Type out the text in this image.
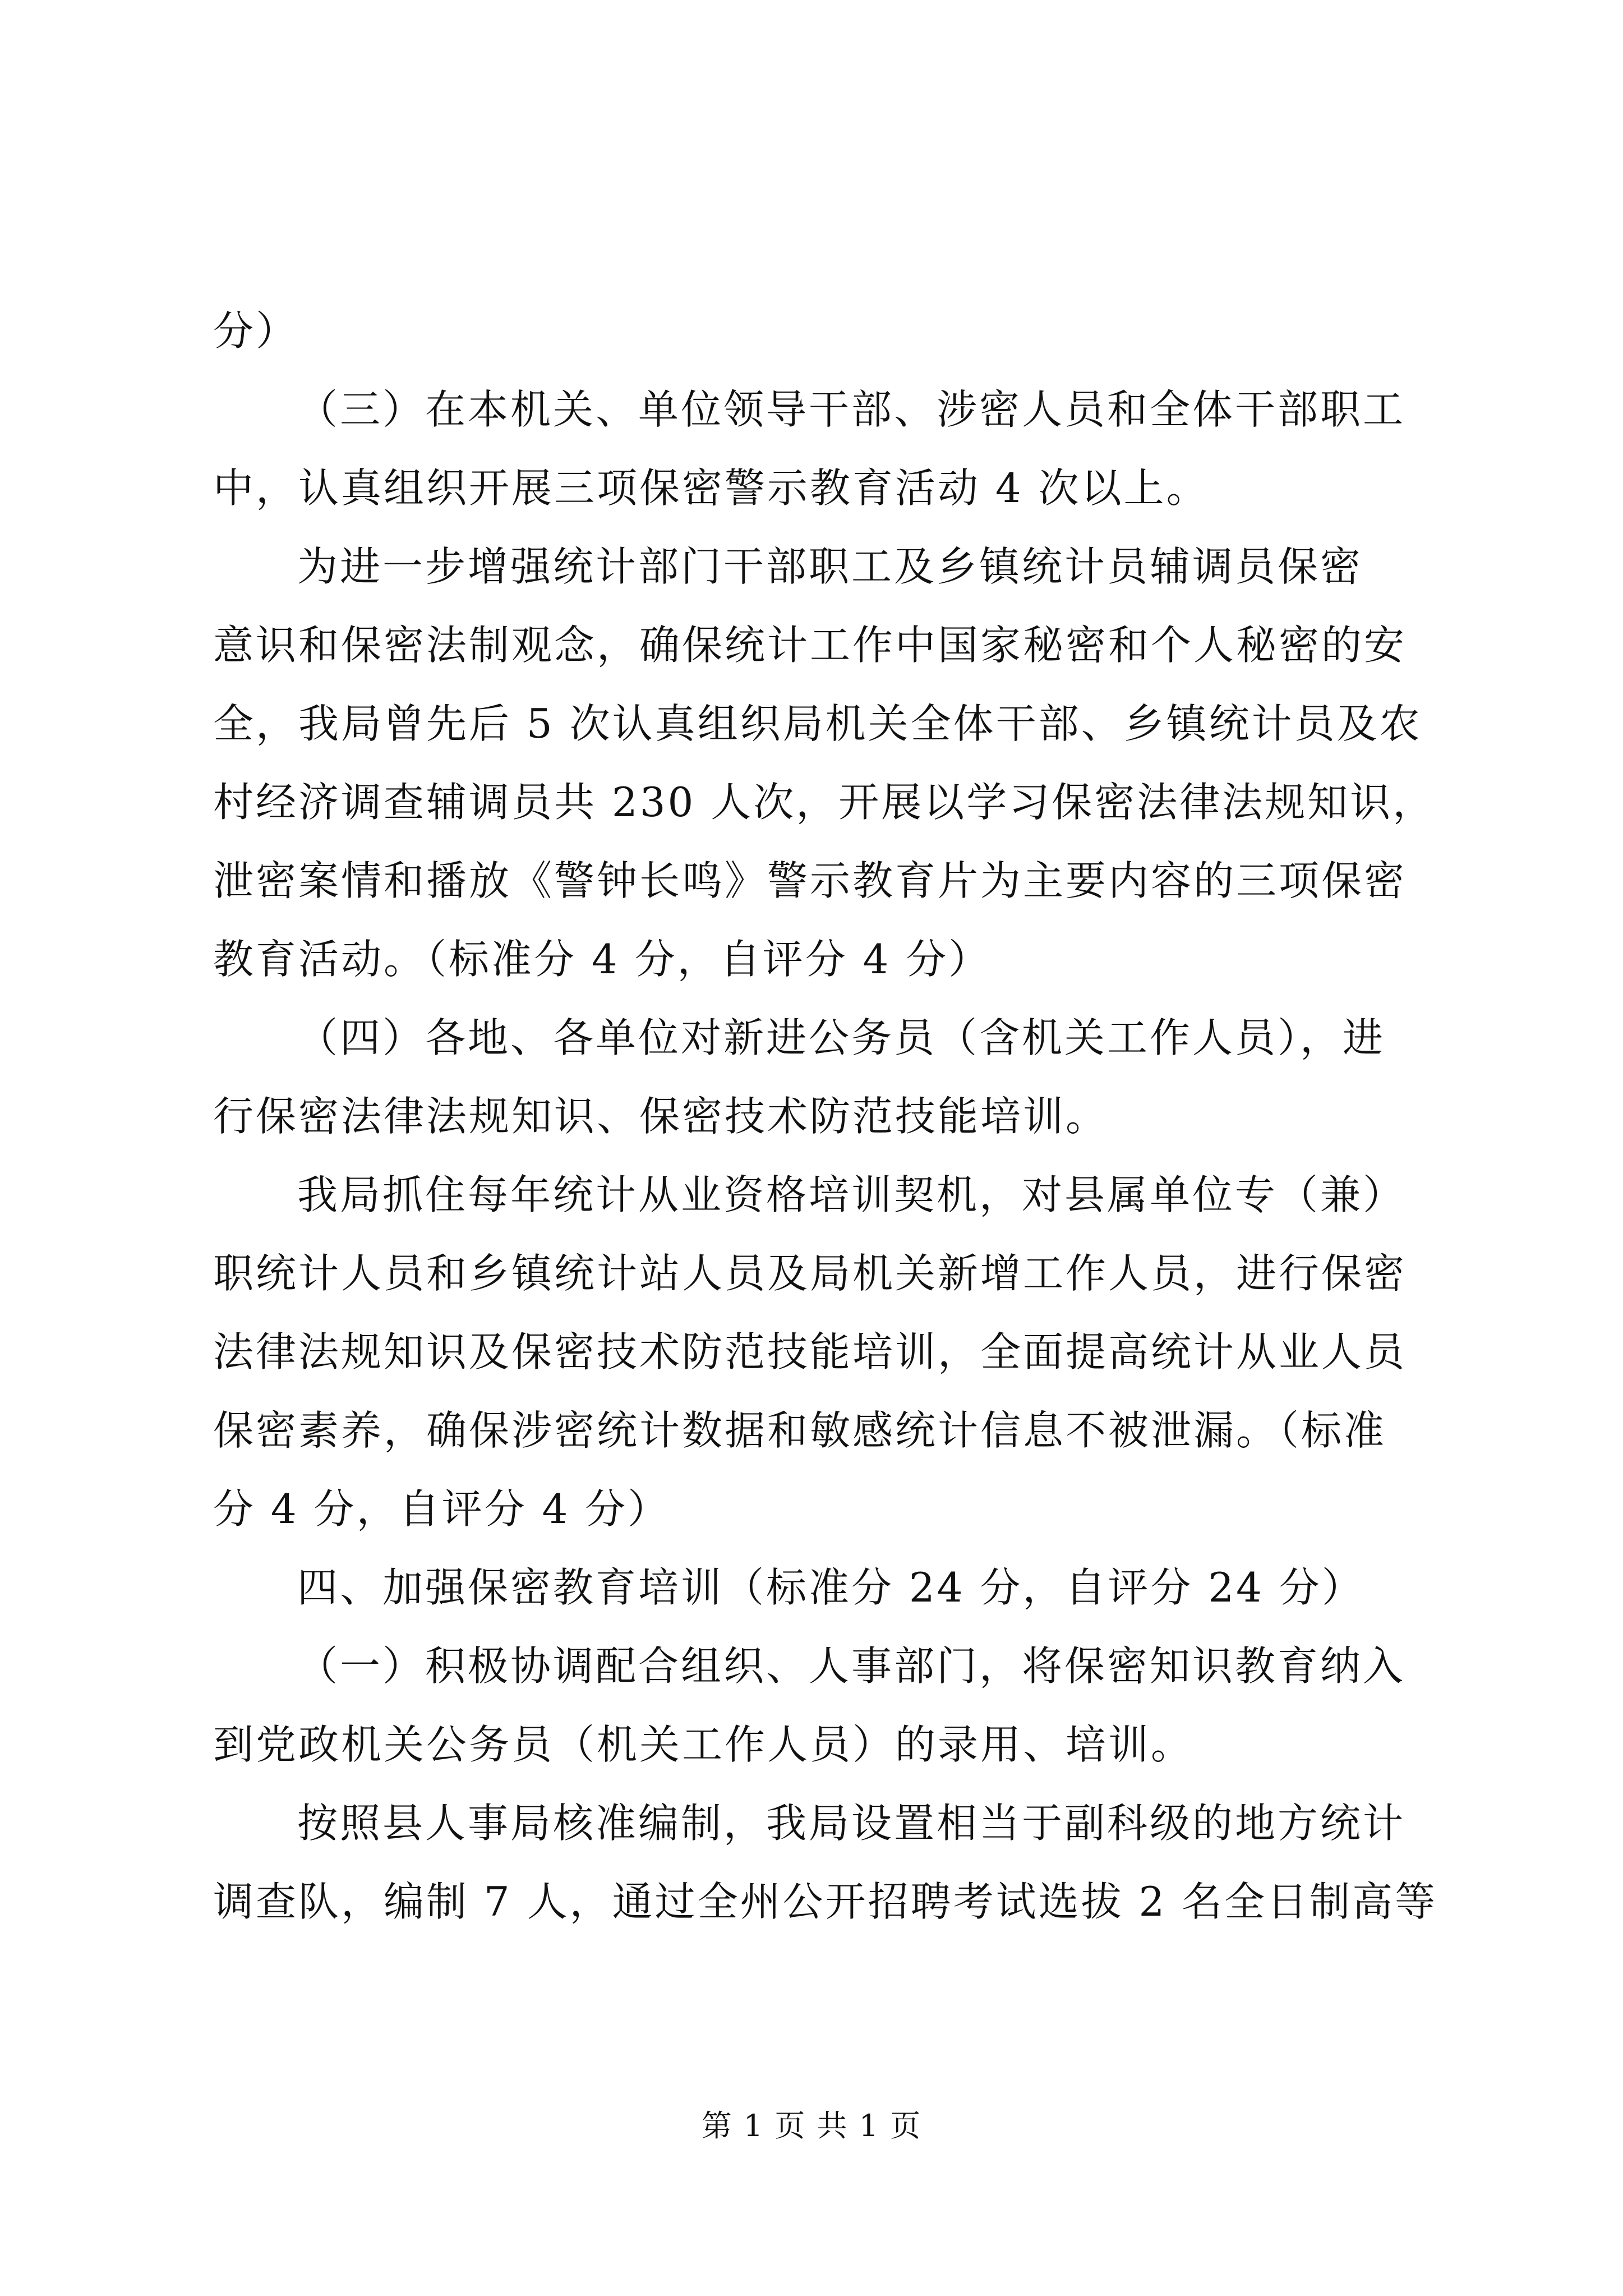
分）
（三）在本机关、单位领导干部、涉密人员和全体干部职工
中，认真组织开展三项保密警示教育活动 4 次以上。
为进一步增强统计部门干部职工及乡镇统计员辅调员保密
意识和保密法制观念，确保统计工作中国家秘密和个人秘密的安
全，我局曾先后 5 次认真组织局机关全体干部、乡镇统计员及农
村经济调查辅调员共 230 人次，开展以学习保密法律法规知识，
泄密案情和播放《警钟长鸣》警示教育片为主要内容的三项保密
教育活动。（标准分 4 分，自评分 4 分）
（四）各地、各单位对新进公务员（含机关工作人员），进
行保密法律法规知识、保密技术防范技能培训。
我局抓住每年统计从业资格培训契机，对县属单位专（兼）
职统计人员和乡镇统计站人员及局机关新增工作人员，进行保密
法律法规知识及保密技术防范技能培训，全面提高统计从业人员
保密素养，确保涉密统计数据和敏感统计信息不被泄漏。（标准
分 4 分，自评分 4 分）
四、加强保密教育培训（标准分 24 分，自评分 24 分）
（一）积极协调配合组织、人事部门，将保密知识教育纳入
到党政机关公务员（机关工作人员）的录用、培训。
按照县人事局核准编制，我局设置相当于副科级的地方统计
调查队，编制 7 人，通过全州公开招聘考试选拔 2 名全日制高等
第 1 页 共 1 页
